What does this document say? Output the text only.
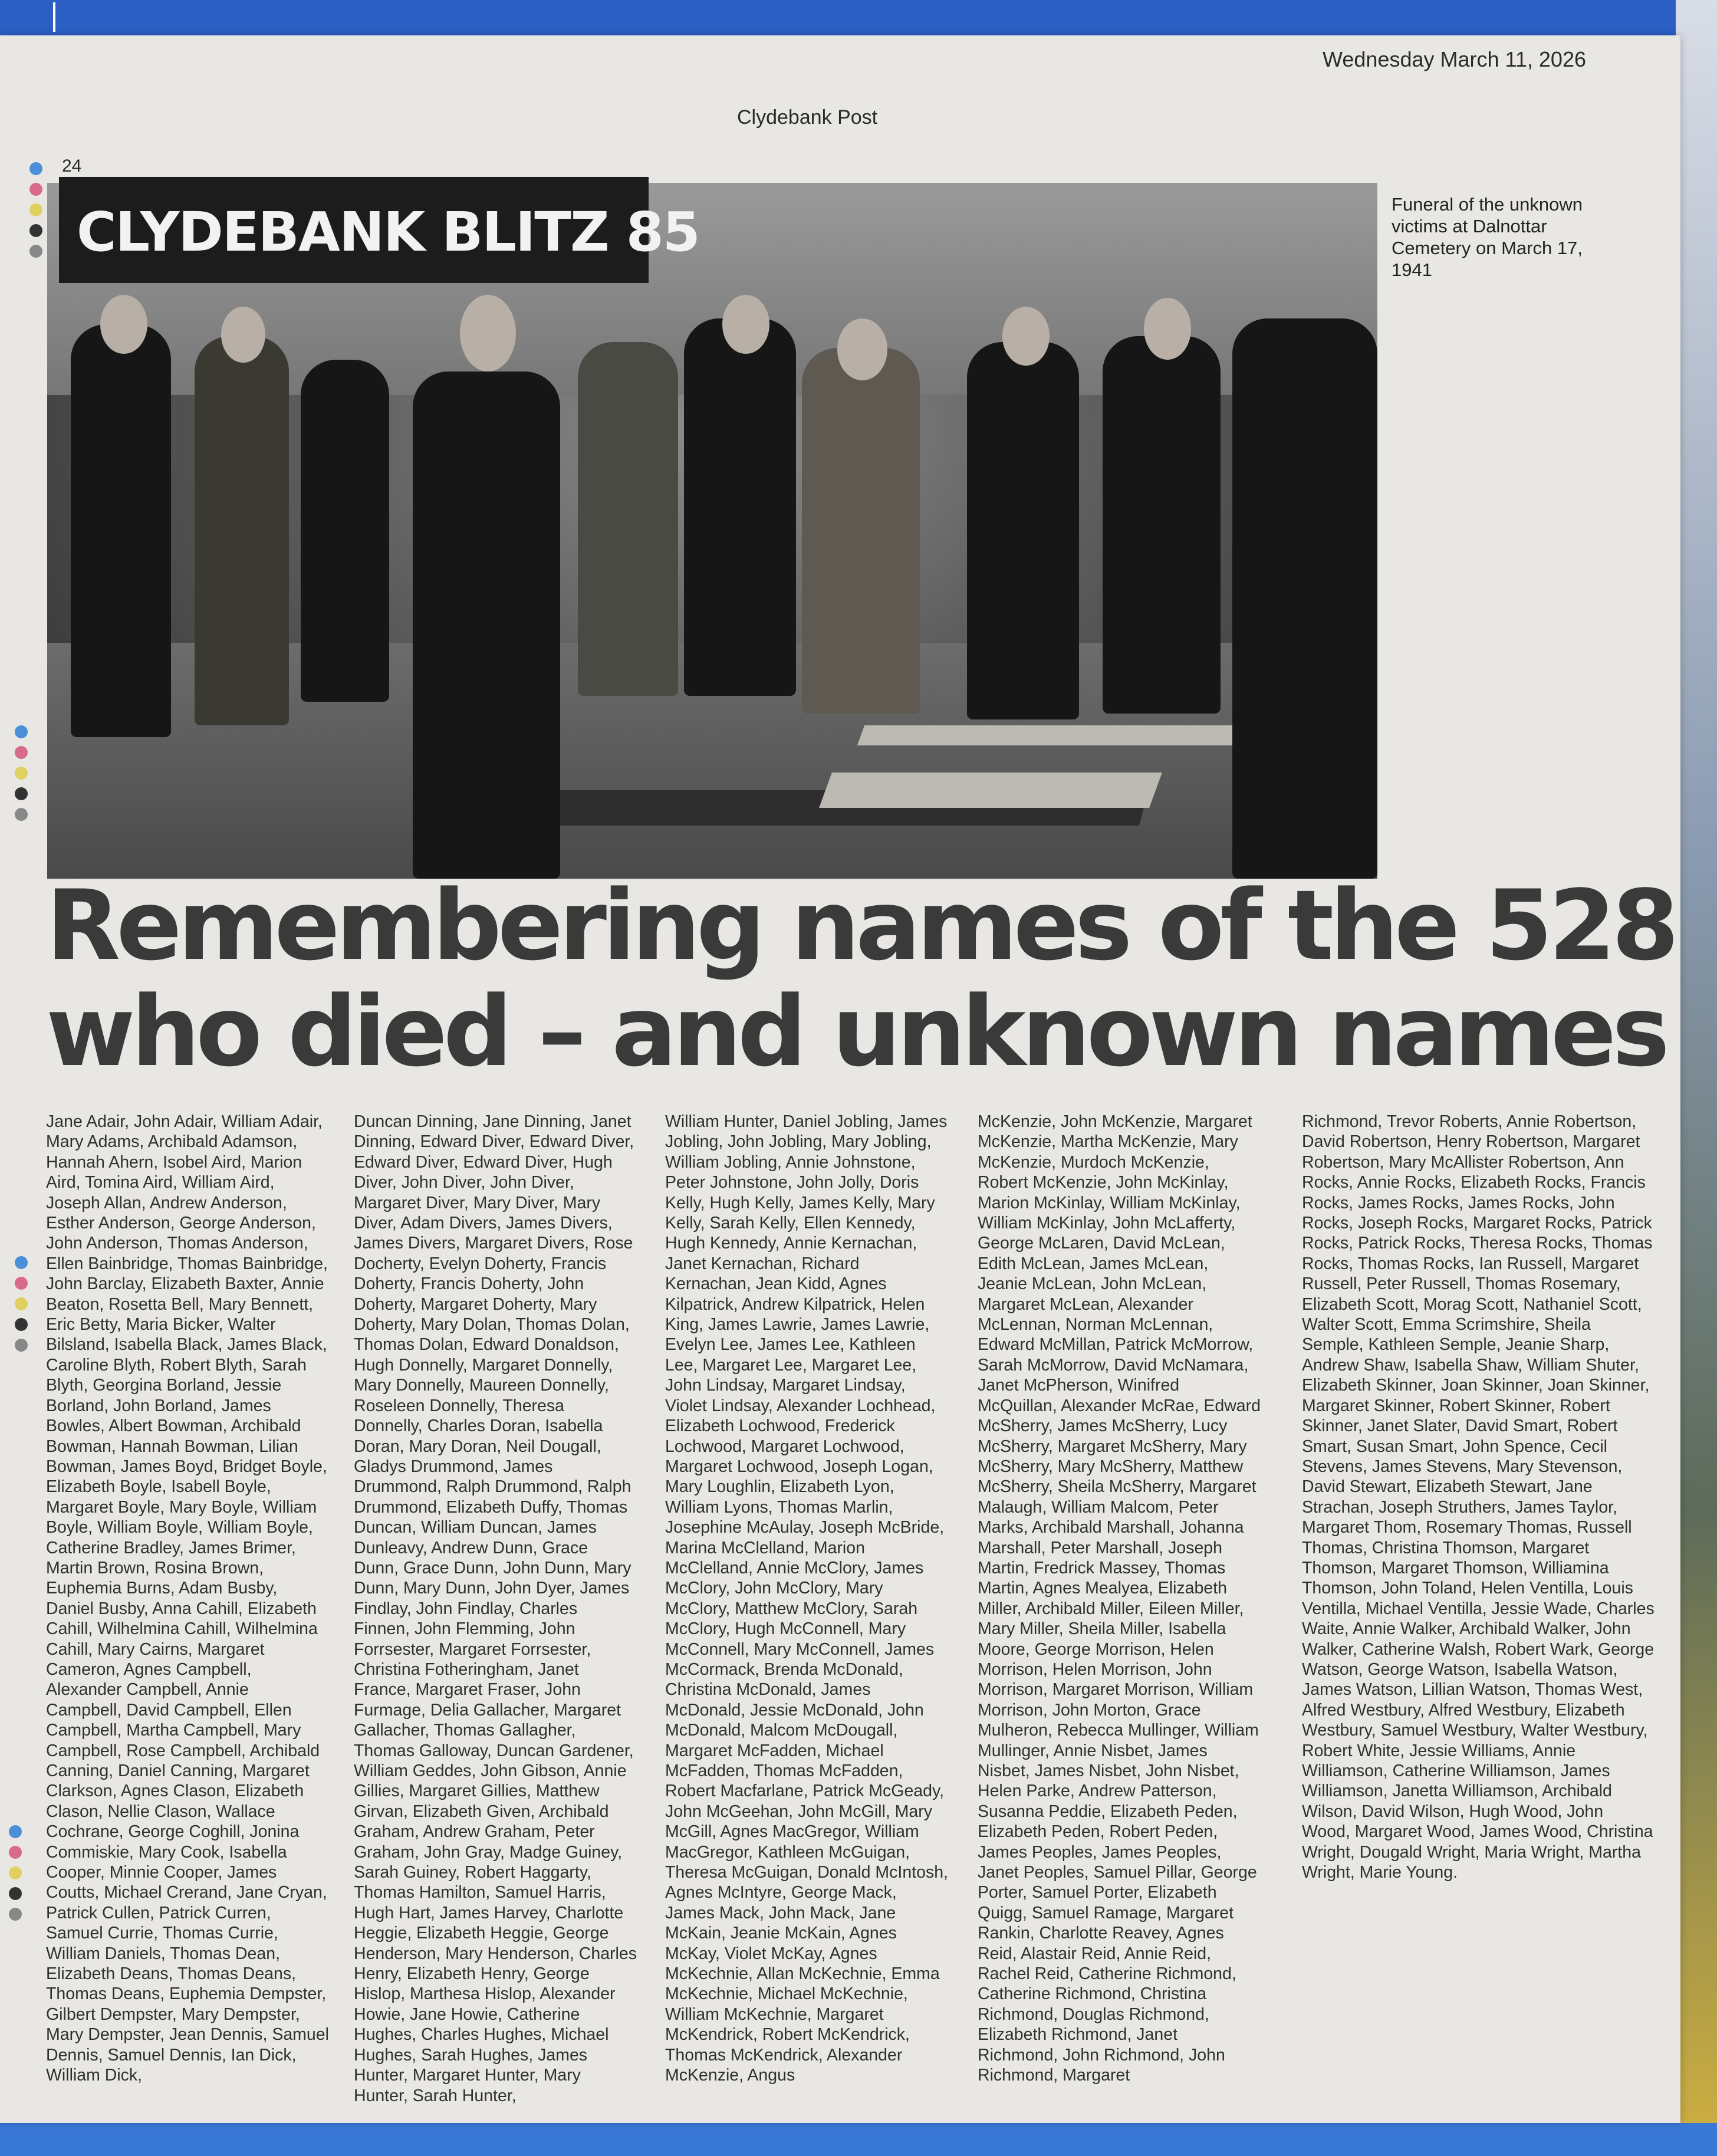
Wednesday March 11, 2026
Clydebank Post
24
CLYDEBANK BLITZ 85	Funeral of the unknown victims at Dalnottar Cemetery on March 17, 1941
Remembering names of the 528
who died – and unknown names
Jane Adair, John Adair, William Adair, Mary Adams, Archibald Adamson, Hannah Ahern, Isobel Aird, Marion Aird, Tomina Aird, William Aird, Joseph Allan, Andrew Anderson, Esther Anderson, George Anderson, John Anderson, Thomas Anderson, Ellen Bainbridge, Thomas Bainbridge, John Barclay, Elizabeth Baxter, Annie Beaton, Rosetta Bell, Mary Bennett, Eric Betty, Maria Bicker, Walter Bilsland, Isabella Black, James Black, Caroline Blyth, Robert Blyth, Sarah Blyth, Georgina Borland, Jessie Borland, John Borland, James Bowles, Albert Bowman, Archibald Bowman, Hannah Bowman, Lilian Bowman, James Boyd, Bridget Boyle, Elizabeth Boyle, Isabell Boyle, Margaret Boyle, Mary Boyle, William Boyle, William Boyle, William Boyle, Catherine Bradley, James Brimer, Martin Brown, Rosina Brown, Euphemia Burns, Adam Busby, Daniel Busby, Anna Cahill, Elizabeth Cahill, Wilhelmina Cahill, Wilhelmina Cahill, Mary Cairns, Margaret Cameron, Agnes Campbell, Alexander Campbell, Annie Campbell, David Campbell, Ellen Campbell, Martha Campbell, Mary Campbell, Rose Campbell, Archibald Canning, Daniel Canning, Margaret Clarkson, Agnes Clason, Elizabeth Clason, Nellie Clason, Wallace Cochrane, George Coghill, Jonina Commiskie, Mary Cook, Isabella Cooper, Minnie Cooper, James Coutts, Michael Crerand, Jane Cryan, Patrick Cullen, Patrick Curren, Samuel Currie, Thomas Currie, William Daniels, Thomas Dean, Elizabeth Deans, Thomas Deans, Thomas Deans, Euphemia Dempster, Gilbert Dempster, Mary Dempster, Mary Dempster, Jean Dennis, Samuel Dennis, Samuel Dennis, Ian Dick, William Dick,
Duncan Dinning, Jane Dinning, Janet Dinning, Edward Diver, Edward Diver, Edward Diver, Edward Diver, Hugh Diver, John Diver, John Diver, Margaret Diver, Mary Diver, Mary Diver, Adam Divers, James Divers, James Divers, Margaret Divers, Rose Docherty, Evelyn Doherty, Francis Doherty, Francis Doherty, John Doherty, Margaret Doherty, Mary Doherty, Mary Dolan, Thomas Dolan, Thomas Dolan, Edward Donaldson, Hugh Donnelly, Margaret Donnelly, Mary Donnelly, Maureen Donnelly, Roseleen Donnelly, Theresa Donnelly, Charles Doran, Isabella Doran, Mary Doran, Neil Dougall, Gladys Drummond, James Drummond, Ralph Drummond, Ralph Drummond, Elizabeth Duffy, Thomas Duncan, William Duncan, James Dunleavy, Andrew Dunn, Grace Dunn, Grace Dunn, John Dunn, Mary Dunn, Mary Dunn, John Dyer, James Findlay, John Findlay, Charles Finnen, John Flemming, John Forrsester, Margaret Forrsester, Christina Fotheringham, Janet France, Margaret Fraser, John Furmage, Delia Gallacher, Margaret Gallacher, Thomas Gallagher, Thomas Galloway, Duncan Gardener, William Geddes, John Gibson, Annie Gillies, Margaret Gillies, Matthew Girvan, Elizabeth Given, Archibald Graham, Andrew Graham, Peter Graham, John Gray, Madge Guiney, Sarah Guiney, Robert Haggarty, Thomas Hamilton, Samuel Harris, Hugh Hart, James Harvey, Charlotte Heggie, Elizabeth Heggie, George Henderson, Mary Henderson, Charles Henry, Elizabeth Henry, George Hislop, Marthesa Hislop, Alexander Howie, Jane Howie, Catherine Hughes, Charles Hughes, Michael Hughes, Sarah Hughes, James Hunter, Margaret Hunter, Mary Hunter, Sarah Hunter,
William Hunter, Daniel Jobling, James Jobling, John Jobling, Mary Jobling, William Jobling, Annie Johnstone, Peter Johnstone, John Jolly, Doris Kelly, Hugh Kelly, James Kelly, Mary Kelly, Sarah Kelly, Ellen Kennedy, Hugh Kennedy, Annie Kernachan, Janet Kernachan, Richard Kernachan, Jean Kidd, Agnes Kilpatrick, Andrew Kilpatrick, Helen King, James Lawrie, James Lawrie, Evelyn Lee, James Lee, Kathleen Lee, Margaret Lee, Margaret Lee, John Lindsay, Margaret Lindsay, Violet Lindsay, Alexander Lochhead, Elizabeth Lochwood, Frederick Lochwood, Margaret Lochwood, Margaret Lochwood, Joseph Logan, Mary Loughlin, Elizabeth Lyon, William Lyons, Thomas Marlin, Josephine McAulay, Joseph McBride, Marina McClelland, Marion McClelland, Annie McClory, James McClory, John McClory, Mary McClory, Matthew McClory, Sarah McClory, Hugh McConnell, Mary McConnell, Mary McConnell, James McCormack, Brenda McDonald, Christina McDonald, James McDonald, Jessie McDonald, John McDonald, Malcom McDougall, Margaret McFadden, Michael McFadden, Thomas McFadden, Robert Macfarlane, Patrick McGeady, John McGeehan, John McGill, Mary McGill, Agnes MacGregor, William MacGregor, Kathleen McGuigan, Theresa McGuigan, Donald McIntosh, Agnes McIntyre, George Mack, James Mack, John Mack, Jane McKain, Jeanie McKain, Agnes McKay, Violet McKay, Agnes McKechnie, Allan McKechnie, Emma McKechnie, Michael McKechnie, William McKechnie, Margaret McKendrick, Robert McKendrick, Thomas McKendrick, Alexander McKenzie, Angus
McKenzie, John McKenzie, Margaret McKenzie, Martha McKenzie, Mary McKenzie, Murdoch McKenzie, Robert McKenzie, John McKinlay, Marion McKinlay, William McKinlay, William McKinlay, John McLafferty, George McLaren, David McLean, Edith McLean, James McLean, Jeanie McLean, John McLean, Margaret McLean, Alexander McLennan, Norman McLennan, Edward McMillan, Patrick McMorrow, Sarah McMorrow, David McNamara, Janet McPherson, Winifred McQuillan, Alexander McRae, Edward McSherry, James McSherry, Lucy McSherry, Margaret McSherry, Mary McSherry, Mary McSherry, Matthew McSherry, Sheila McSherry, Margaret Malaugh, William Malcom, Peter Marks, Archibald Marshall, Johanna Marshall, Peter Marshall, Joseph Martin, Fredrick Massey, Thomas Martin, Agnes Mealyea, Elizabeth Miller, Archibald Miller, Eileen Miller, Mary Miller, Sheila Miller, Isabella Moore, George Morrison, Helen Morrison, Helen Morrison, John Morrison, Margaret Morrison, William Morrison, John Morton, Grace Mulheron, Rebecca Mullinger, William Mullinger, Annie Nisbet, James Nisbet, James Nisbet, John Nisbet, Helen Parke, Andrew Patterson, Susanna Peddie, Elizabeth Peden, Elizabeth Peden, Robert Peden, James Peoples, James Peoples, Janet Peoples, Samuel Pillar, George Porter, Samuel Porter, Elizabeth Quigg, Samuel Ramage, Margaret Rankin, Charlotte Reavey, Agnes Reid, Alastair Reid, Annie Reid, Rachel Reid, Catherine Richmond, Catherine Richmond, Christina Richmond, Douglas Richmond, Elizabeth Richmond, Janet Richmond, John Richmond, John Richmond, Margaret
Richmond, Trevor Roberts, Annie Robertson, David Robertson, Henry Robertson, Margaret Robertson, Mary McAllister Robertson, Ann Rocks, Annie Rocks, Elizabeth Rocks, Francis Rocks, James Rocks, James Rocks, John Rocks, Joseph Rocks, Margaret Rocks, Patrick Rocks, Patrick Rocks, Theresa Rocks, Thomas Rocks, Thomas Rocks, Ian Russell, Margaret Russell, Peter Russell, Thomas Rosemary, Elizabeth Scott, Morag Scott, Nathaniel Scott, Walter Scott, Emma Scrimshire, Sheila Semple, Kathleen Semple, Jeanie Sharp, Andrew Shaw, Isabella Shaw, William Shuter, Elizabeth Skinner, Joan Skinner, Joan Skinner, Margaret Skinner, Robert Skinner, Robert Skinner, Janet Slater, David Smart, Robert Smart, Susan Smart, John Spence, Cecil Stevens, James Stevens, Mary Stevenson, David Stewart, Elizabeth Stewart, Jane Strachan, Joseph Struthers, James Taylor, Margaret Thom, Rosemary Thomas, Russell Thomas, Christina Thomson, Margaret Thomson, Margaret Thomson, Williamina Thomson, John Toland, Helen Ventilla, Louis Ventilla, Michael Ventilla, Jessie Wade, Charles Waite, Annie Walker, Archibald Walker, John Walker, Catherine Walsh, Robert Wark, George Watson, George Watson, Isabella Watson, James Watson, Lillian Watson, Thomas West, Alfred Westbury, Alfred Westbury, Elizabeth Westbury, Samuel Westbury, Walter Westbury, Robert White, Jessie Williams, Annie Williamson, Catherine Williamson, James Williamson, Janetta Williamson, Archibald Wilson, David Wilson, Hugh Wood, John Wood, Margaret Wood, James Wood, Christina Wright, Dougald Wright, Maria Wright, Martha Wright, Marie Young.
